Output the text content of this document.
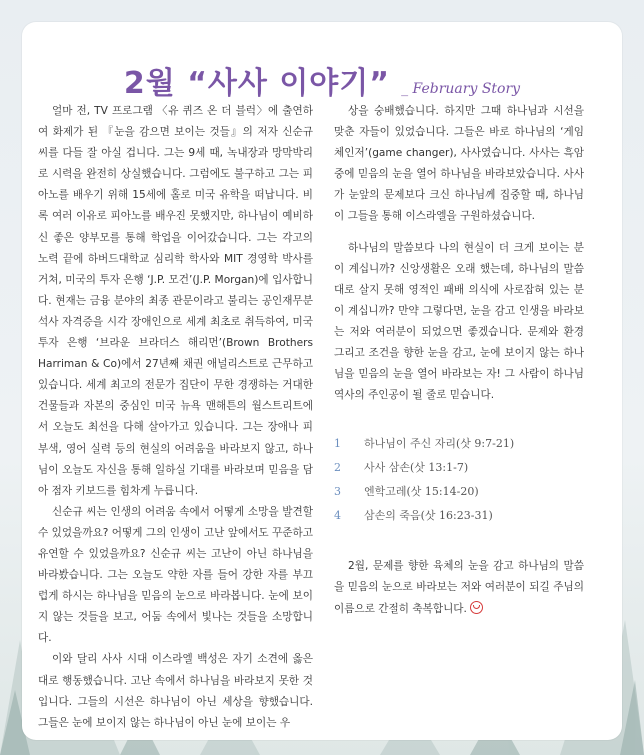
2월 “사사 이야기” _ February Story

얼마 전, TV 프로그램 〈유 퀴즈 온 더 블럭〉에 출연하여 화제가 된 『눈을 감으면 보이는 것들』의 저자 신순규 씨를 다들 잘 아실 겁니다. 그는 9세 때, 녹내장과 망막박리로 시력을 완전히 상실했습니다. 그럼에도 불구하고 그는 피아노를 배우기 위해 15세에 홀로 미국 유학을 떠납니다. 비록 여러 이유로 피아노를 배우진 못했지만, 하나님이 예비하신 좋은 양부모를 통해 학업을 이어갔습니다. 그는 각고의 노력 끝에 하버드대학교 심리학 학사와 MIT 경영학 박사를 거쳐, 미국의 투자 은행 ‘J.P. 모건’(J.P. Morgan)에 입사합니다. 현재는 금융 분야의 최종 관문이라고 불리는 공인재무분석사 자격증을 시각 장애인으로 세계 최초로 취득하여, 미국 투자 은행 ‘브라운 브라더스 해리먼’(Brown Brothers Harriman & Co)에서 27년째 채권 애널리스트로 근무하고 있습니다. 세계 최고의 전문가 집단이 무한 경쟁하는 거대한 건물들과 자본의 중심인 미국 뉴욕 맨해튼의 월스트리트에서 오늘도 최선을 다해 살아가고 있습니다. 그는 장애나 피부색, 영어 실력 등의 현실의 어려움을 바라보지 않고, 하나님이 오늘도 자신을 통해 일하실 기대를 바라보며 믿음을 담아 점자 키보드를 힘차게 누릅니다.

신순규 씨는 인생의 어려움 속에서 어떻게 소망을 발견할 수 있었을까요? 어떻게 그의 인생이 고난 앞에서도 꾸준하고 유연할 수 있었을까요? 신순규 씨는 고난이 아닌 하나님을 바라봤습니다. 그는 오늘도 약한 자를 들어 강한 자를 부끄럽게 하시는 하나님을 믿음의 눈으로 바라봅니다. 눈에 보이지 않는 것들을 보고, 어둠 속에서 빛나는 것들을 소망합니다.

이와 달리 사사 시대 이스라엘 백성은 자기 소견에 옳은 대로 행동했습니다. 고난 속에서 하나님을 바라보지 못한 것입니다. 그들의 시선은 하나님이 아닌 세상을 향했습니다. 그들은 눈에 보이지 않는 하나님이 아닌 눈에 보이는 우

상을 숭배했습니다. 하지만 그때 하나님과 시선을 맞춘 자들이 있었습니다. 그들은 바로 하나님의 ‘게임 체인저’(game changer), 사사였습니다. 사사는 흑암 중에 믿음의 눈을 열어 하나님을 바라보았습니다. 사사가 눈앞의 문제보다 크신 하나님께 집중할 때, 하나님이 그들을 통해 이스라엘을 구원하셨습니다.

하나님의 말씀보다 나의 현실이 더 크게 보이는 분이 계십니까? 신앙생활은 오래 했는데, 하나님의 말씀대로 살지 못해 영적인 패배 의식에 사로잡혀 있는 분이 계십니까? 만약 그렇다면, 눈을 감고 인생을 바라보는 저와 여러분이 되었으면 좋겠습니다. 문제와 환경 그리고 조건을 향한 눈을 감고, 눈에 보이지 않는 하나님을 믿음의 눈을 열어 바라보는 자! 그 사람이 하나님 역사의 주인공이 될 줄로 믿습니다.

1	하나님이 주신 자리(삿 9:7-21)
2	사사 삼손(삿 13:1-7)
3	엔학고레(삿 15:14-20)
4	삼손의 죽음(삿 16:23-31)

2월, 문제를 향한 육체의 눈을 감고 하나님의 말씀을 믿음의 눈으로 바라보는 저와 여러분이 되길 주님의 이름으로 간절히 축복합니다.
